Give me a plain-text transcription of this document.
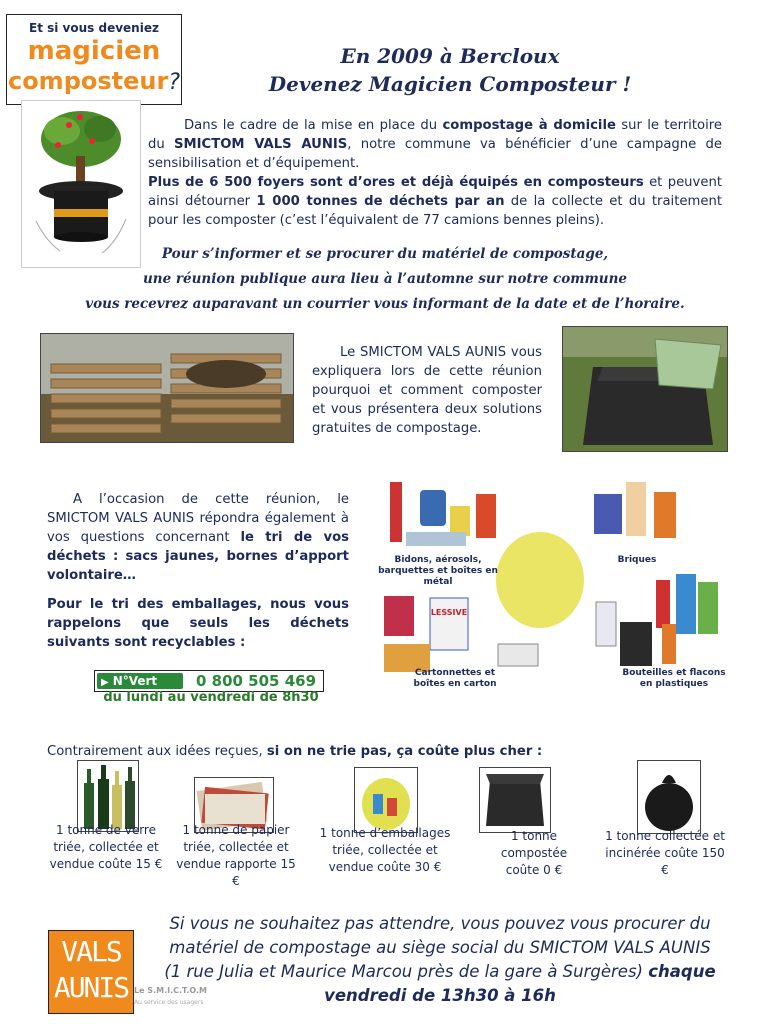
Et si vous deveniez
magicien
composteur?
En 2009 à Bercloux
Devenez Magicien Composteur !
Dans le cadre de la mise en place du compostage à domicile sur le territoire du SMICTOM VALS AUNIS, notre commune va bénéficier d’une campagne de sensibilisation et d’équipement.
Plus de 6 500 foyers sont d’ores et déjà équipés en composteurs et peuvent ainsi détourner 1 000 tonnes de déchets par an de la collecte et du traitement pour les composter (c’est l’équivalent de 77 camions bennes pleins).
Pour s’informer et se procurer du matériel de compostage,
une réunion publique aura lieu à l’automne sur notre commune
vous recevrez auparavant un courrier vous informant de la date et de l’horaire.
Le SMICTOM VALS AUNIS vous expliquera lors de cette réunion pourquoi et comment composter et vous présentera deux solutions gratuites de compostage.
A l’occasion de cette réunion, le SMICTOM VALS AUNIS répondra également à vos questions concernant le tri de vos déchets : sacs jaunes, bornes d’apport volontaire…
Pour le tri des emballages, nous vous rappelons que seuls les déchets suivants sont recyclables :
Bidons, aérosols, barquettes et boîtes en métal
Briques
LESSIVE
Cartonnettes et boîtes en carton
Bouteilles et flacons en plastiques
▶ N°Vert	0 800 505 469
du lundi au vendredi de 8h30
Contrairement aux idées reçues, si on ne trie pas, ça coûte plus cher :
1 tonne de verre triée, collectée et vendue coûte 15 €
1 tonne de papier triée, collectée et vendue rapporte 15 €
1 tonne d’emballages triée, collectée et vendue coûte 30 €
1 tonne compostée coûte 0 €
1 tonne collectée et incinérée coûte 150 €
VALS
AUNIS Le S.M.I.C.T.O.M
Au service des usagers
Si vous ne souhaitez pas attendre, vous pouvez vous procurer du matériel de compostage au siège social du SMICTOM VALS AUNIS (1 rue Julia et Maurice Marcou près de la gare à Surgères) chaque vendredi de 13h30 à 16h
